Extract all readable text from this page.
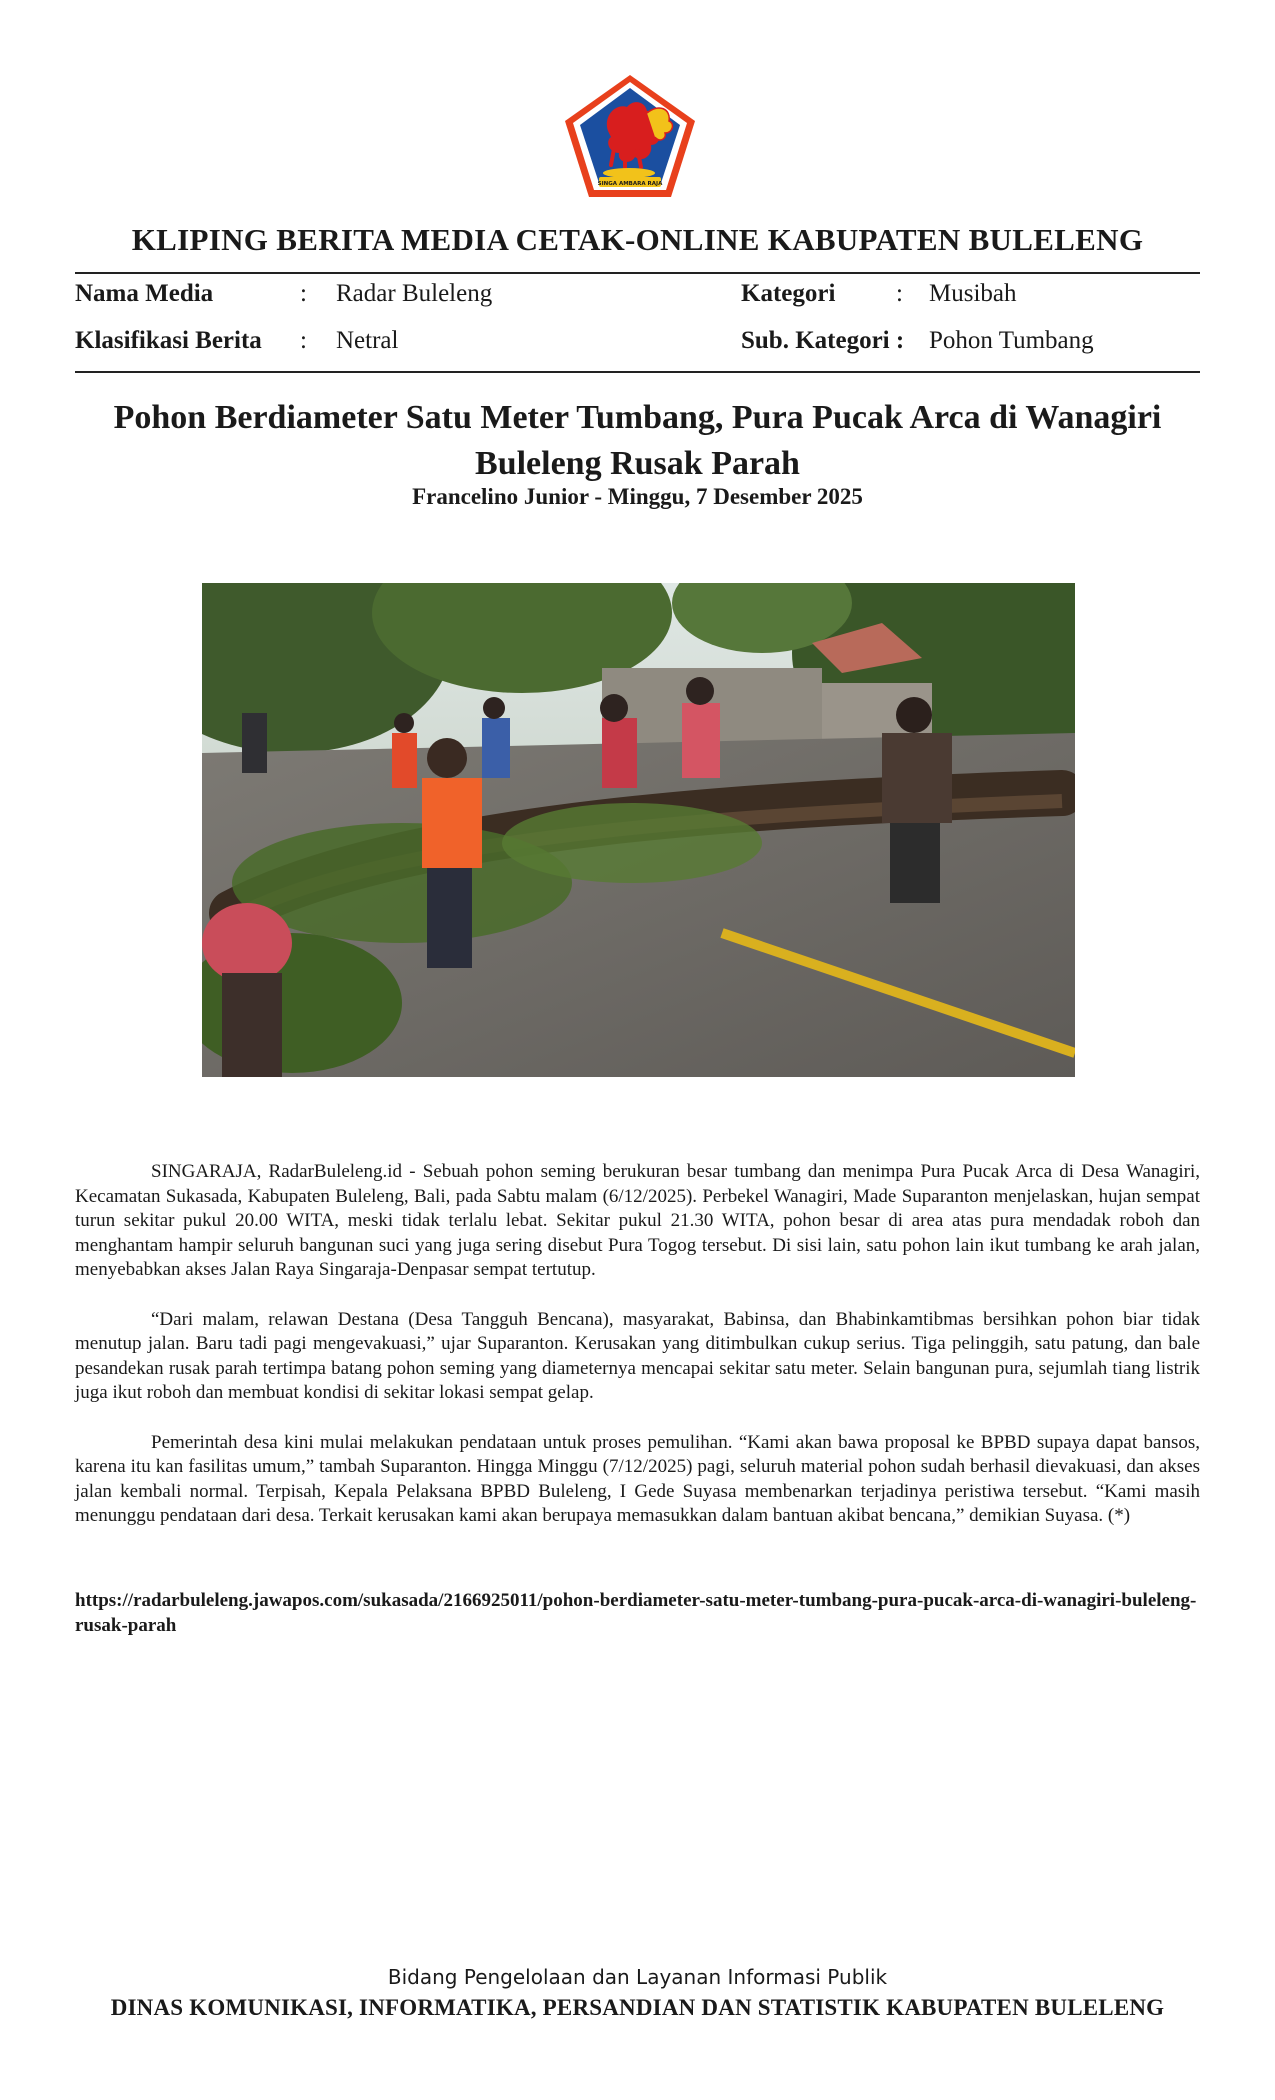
SINGA AMBARA RAJA
KLIPING BERITA MEDIA CETAK-ONLINE KABUPATEN BULELENG
Nama Media	: Radar Buleleng
Klasifikasi Berita : Netral
Kategori : Musibah
Sub. Kategori : Pohon Tumbang
Pohon Berdiameter Satu Meter Tumbang, Pura Pucak Arca di Wanagiri Buleleng Rusak Parah
Francelino Junior - Minggu, 7 Desember 2025

SINGARAJA, RadarBuleleng.id - Sebuah pohon seming berukuran besar tumbang dan menimpa Pura Pucak Arca di Desa Wanagiri, Kecamatan Sukasada, Kabupaten Buleleng, Bali, pada Sabtu malam (6/12/2025). Perbekel Wanagiri, Made Suparanton menjelaskan, hujan sempat turun sekitar pukul 20.00 WITA, meski tidak terlalu lebat. Sekitar pukul 21.30 WITA, pohon besar di area atas pura mendadak roboh dan menghantam hampir seluruh bangunan suci yang juga sering disebut Pura Togog tersebut. Di sisi lain, satu pohon lain ikut tumbang ke arah jalan, menyebabkan akses Jalan Raya Singaraja-Denpasar sempat tertutup.

“Dari malam, relawan Destana (Desa Tangguh Bencana), masyarakat, Babinsa, dan Bhabinkamtibmas bersihkan pohon biar tidak menutup jalan. Baru tadi pagi mengevakuasi,” ujar Suparanton. Kerusakan yang ditimbulkan cukup serius. Tiga pelinggih, satu patung, dan bale pesandekan rusak parah tertimpa batang pohon seming yang diameternya mencapai sekitar satu meter. Selain bangunan pura, sejumlah tiang listrik juga ikut roboh dan membuat kondisi di sekitar lokasi sempat gelap.

Pemerintah desa kini mulai melakukan pendataan untuk proses pemulihan. “Kami akan bawa proposal ke BPBD supaya dapat bansos, karena itu kan fasilitas umum,” tambah Suparanton. Hingga Minggu (7/12/2025) pagi, seluruh material pohon sudah berhasil dievakuasi, dan akses jalan kembali normal. Terpisah, Kepala Pelaksana BPBD Buleleng, I Gede Suyasa membenarkan terjadinya peristiwa tersebut. “Kami masih menunggu pendataan dari desa. Terkait kerusakan kami akan berupaya memasukkan dalam bantuan akibat bencana,” demikian Suyasa. (*)

https://radarbuleleng.jawapos.com/sukasada/2166925011/pohon-berdiameter-satu-meter-tumbang-pura-pucak-arca-di-wanagiri-buleleng-rusak-parah
Bidang Pengelolaan dan Layanan Informasi Publik
DINAS KOMUNIKASI, INFORMATIKA, PERSANDIAN DAN STATISTIK KABUPATEN BULELENG
